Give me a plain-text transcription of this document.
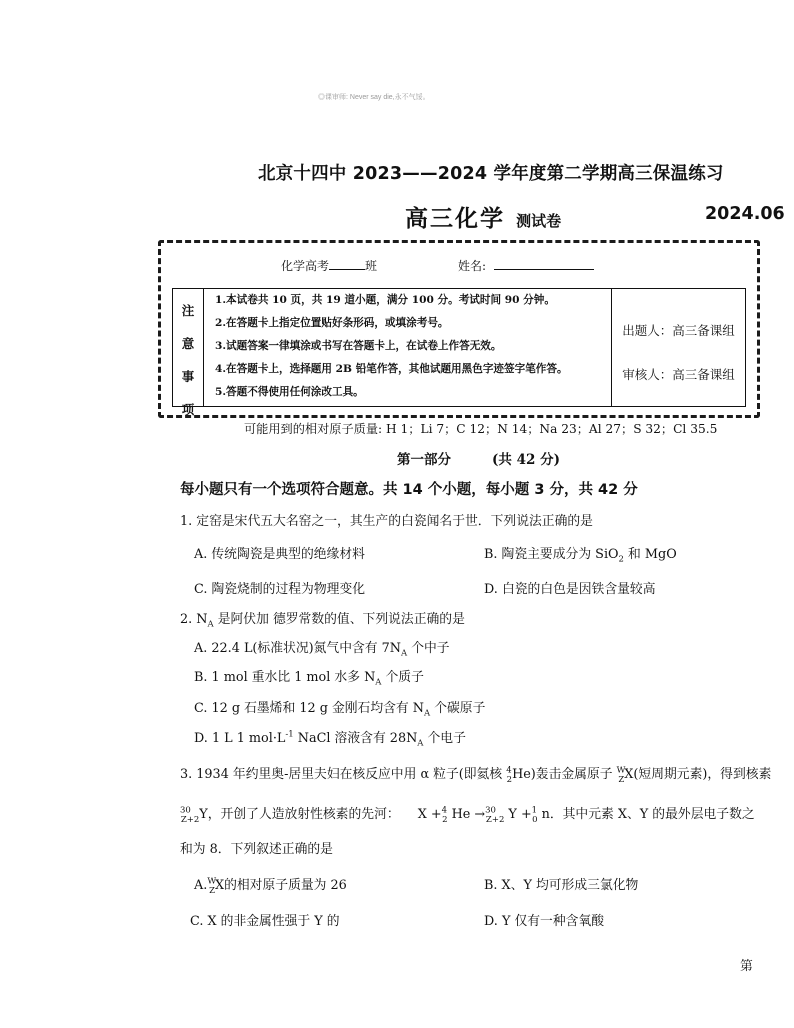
◎课审师: Never say die,永不气馁。
北京十四中 2023——2024 学年度第二学期高三保温练习
高三化学 测试卷	2024.06
化学高考	班	姓名:
注
意
事
项
1.本试卷共 10 页，共 19 道小题，满分 100 分。考试时间 90 分钟。
2.在答题卡上指定位置贴好条形码，或填涂考号。
3.试题答案一律填涂或书写在答题卡上，在试卷上作答无效。
4.在答题卡上，选择题用 2B 铅笔作答，其他试题用黑色字迹签字笔作答。
5.答题不得使用任何涂改工具。
出题人：高三备课组
审核人：高三备课组
可能用到的相对原子质量: H 1；Li 7；C 12；N 14；Na 23；Al 27；S 32；Cl 35.5
第一部分	(共 42 分)
每小题只有一个选项符合题意。共 14 个小题，每小题 3 分，共 42 分
1. 定窑是宋代五大名窑之一，其生产的白瓷闻名于世．下列说法正确的是
A. 传统陶瓷是典型的绝缘材料	B. 陶瓷主要成分为 SiO$_2$ 和 MgO
C. 陶瓷烧制的过程为物理变化	D. 白瓷的白色是因铁含量较高
2. $N_A$ 是阿伏加 德罗常数的值、下列说法正确的是
A. 22.4 L(标准状况)氮气中含有 $7N_A$ 个中子
B. 1 mol 重水比 1 mol 水多 $N_A$ 个质子
C. 12 g 石墨烯和 12 g 金刚石均含有 $N_A$ 个碳原子
D. 1 L 1 $mol\cdot L^{-1}$ NaCl 溶液含有 $28N_A$ 个电子
3. 1934 年约里奥-居里夫妇在核反应中用 α 粒子(即氦核 $^4_2$He)轰击金属原子 $^W_Z$X(短周期元素)，得到核素
$^{30}_{Z+2}$Y，开创了人造放射性核素的先河： X +$^4_2$ He →$^{30}_{Z+2}$ Y +$^1_0$ n．其中元素 X、Y 的最外层电子数之
和为 8．下列叙述正确的是
A.$^W_Z$X的相对原子质量为 26	B. X、Y 均可形成三氯化物
C. X 的非金属性强于 Y 的	D. Y 仅有一种含氧酸
第
